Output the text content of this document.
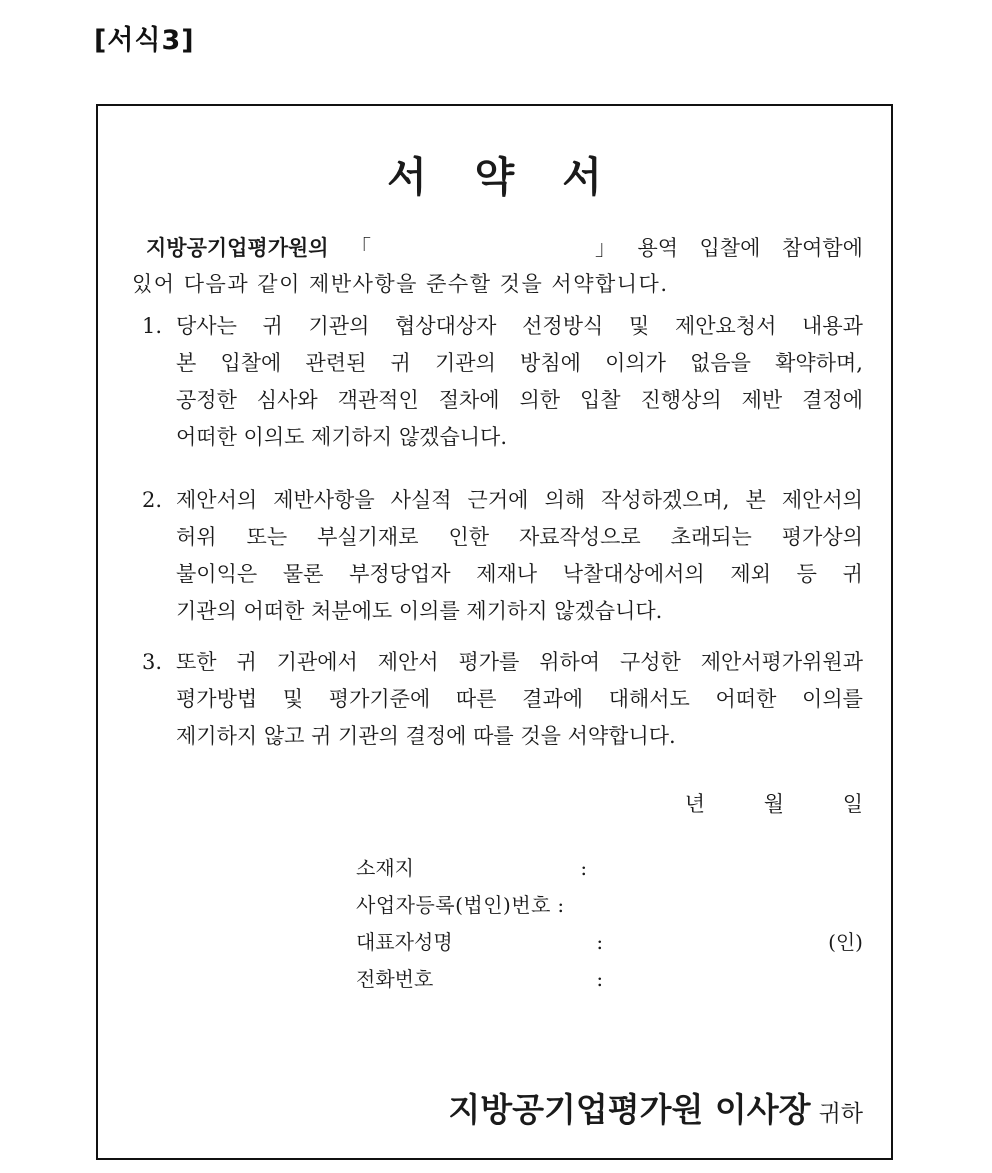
[서식3]
서약서
지방공기업평가원의 「	」 용역 입찰에 참여함에
있어 다음과 같이 제반사항을 준수할 것을 서약합니다.
1. 당사는 귀 기관의 협상대상자 선정방식 및 제안요청서 내용과
본 입찰에 관련된 귀 기관의 방침에 이의가 없음을 확약하며,
공정한 심사와 객관적인 절차에 의한 입찰 진행상의 제반 결정에
어떠한 이의도 제기하지 않겠습니다.
2. 제안서의 제반사항을 사실적 근거에 의해 작성하겠으며, 본 제안서의
허위 또는 부실기재로 인한 자료작성으로 초래되는 평가상의
불이익은 물론 부정당업자 제재나 낙찰대상에서의 제외 등 귀
기관의 어떠한 처분에도 이의를 제기하지 않겠습니다.
3. 또한 귀 기관에서 제안서 평가를 위하여 구성한 제안서평가위원과
평가방법 및 평가기준에 따른 결과에 대해서도 어떠한 이의를
제기하지 않고 귀 기관의 결정에 따를 것을 서약합니다.
년	월	일
소재지	:
사업자등록(법인)번호 :
대표자성명	:	(인)
전화번호	:
지방공기업평가원 이사장 귀하
